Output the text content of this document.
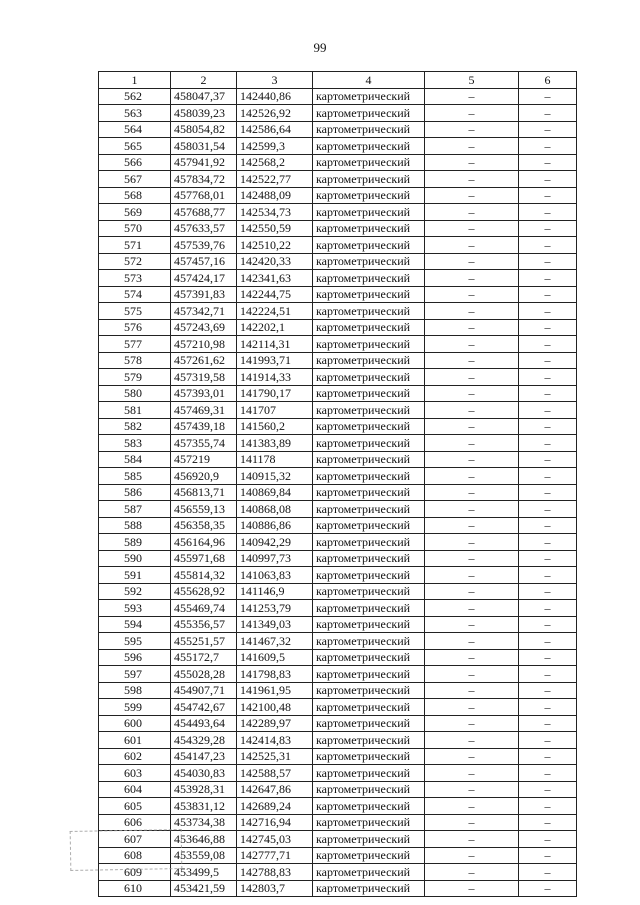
99
1	2	3	4	5	6
562	458047,37	142440,86	картометрический	–	–
563	458039,23	142526,92	картометрический	–	–
564	458054,82	142586,64	картометрический	–	–
565	458031,54	142599,3	картометрический	–	–
566	457941,92	142568,2	картометрический	–	–
567	457834,72	142522,77	картометрический	–	–
568	457768,01	142488,09	картометрический	–	–
569	457688,77	142534,73	картометрический	–	–
570	457633,57	142550,59	картометрический	–	–
571	457539,76	142510,22	картометрический	–	–
572	457457,16	142420,33	картометрический	–	–
573	457424,17	142341,63	картометрический	–	–
574	457391,83	142244,75	картометрический	–	–
575	457342,71	142224,51	картометрический	–	–
576	457243,69	142202,1	картометрический	–	–
577	457210,98	142114,31	картометрический	–	–
578	457261,62	141993,71	картометрический	–	–
579	457319,58	141914,33	картометрический	–	–
580	457393,01	141790,17	картометрический	–	–
581	457469,31	141707	картометрический	–	–
582	457439,18	141560,2	картометрический	–	–
583	457355,74	141383,89	картометрический	–	–
584	457219	141178	картометрический	–	–
585	456920,9	140915,32	картометрический	–	–
586	456813,71	140869,84	картометрический	–	–
587	456559,13	140868,08	картометрический	–	–
588	456358,35	140886,86	картометрический	–	–
589	456164,96	140942,29	картометрический	–	–
590	455971,68	140997,73	картометрический	–	–
591	455814,32	141063,83	картометрический	–	–
592	455628,92	141146,9	картометрический	–	–
593	455469,74	141253,79	картометрический	–	–
594	455356,57	141349,03	картометрический	–	–
595	455251,57	141467,32	картометрический	–	–
596	455172,7	141609,5	картометрический	–	–
597	455028,28	141798,83	картометрический	–	–
598	454907,71	141961,95	картометрический	–	–
599	454742,67	142100,48	картометрический	–	–
600	454493,64	142289,97	картометрический	–	–
601	454329,28	142414,83	картометрический	–	–
602	454147,23	142525,31	картометрический	–	–
603	454030,83	142588,57	картометрический	–	–
604	453928,31	142647,86	картометрический	–	–
605	453831,12	142689,24	картометрический	–	–
606	453734,38	142716,94	картометрический	–	–
607	453646,88	142745,03	картометрический	–	–
608	453559,08	142777,71	картометрический	–	–
609	453499,5	142788,83	картометрический	–	–
610	453421,59	142803,7	картометрический	–	–
